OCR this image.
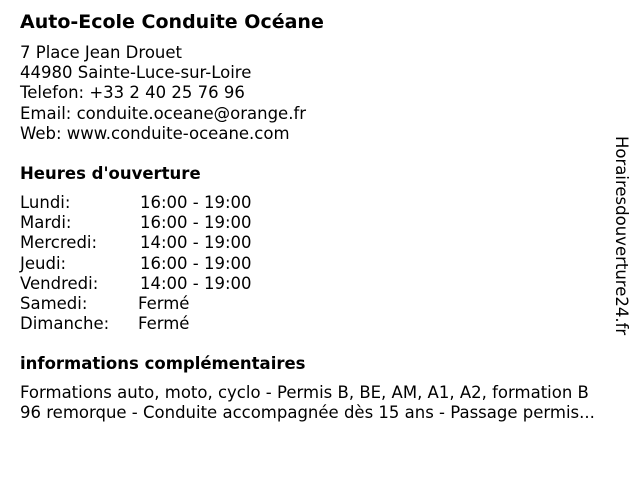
Auto-Ecole Conduite Océane
7 Place Jean Drouet
44980 Sainte-Luce-sur-Loire
Telefon: +33 2 40 25 76 96
Email: conduite.oceane@orange.fr
Web: www.conduite-oceane.com
Heures d'ouverture
Lundi:	16:00 - 19:00
Mardi:	16:00 - 19:00
Mercredi:	14:00 - 19:00
Jeudi:	16:00 - 19:00
Vendredi:	14:00 - 19:00
Samedi:	Fermé
Dimanche: Fermé
informations complémentaires
Formations auto, moto, cyclo - Permis B, BE, AM, A1, A2, formation B
96 remorque - Conduite accompagnée dès 15 ans - Passage permis...
Horairesdouverture24.fr
